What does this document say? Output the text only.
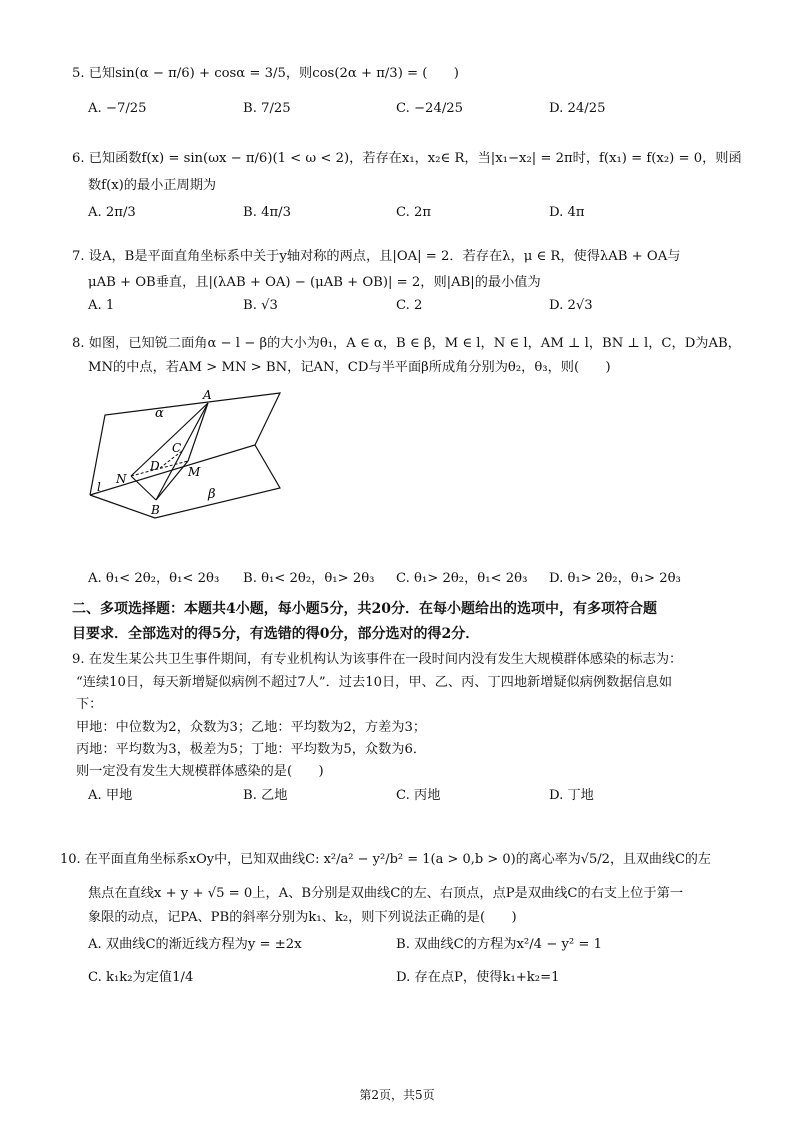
5. 已知sin(α − π/6) + cosα = 3/5，则cos(2α + π/3) = (　　)
A. −7/25	B. 7/25	C. −24/25	D. 24/25
6. 已知函数f(x) = sin(ωx − π/6)(1 < ω < 2)，若存在x₁，x₂∈ R，当|x₁−x₂| = 2π时，f(x₁) = f(x₂) = 0，则函
数f(x)的最小正周期为
A. 2π/3	B. 4π/3	C. 2π	D. 4π
7. 设A，B是平面直角坐标系中关于y轴对称的两点，且|OA| = 2．若存在λ，μ ∈ R，使得λAB + OA与
μAB + OB垂直，且|(λAB + OA) − (μAB + OB)| = 2，则|AB|的最小值为
A. 1	B. √3	C. 2	D. 2√3
8. 如图，已知锐二面角α − l − β的大小为θ₁，A ∈ α，B ∈ β，M ∈ l，N ∈ l，AM ⊥ l，BN ⊥ l，C，D为AB，
MN的中点，若AM > MN > BN，记AN，CD与半平面β所成角分别为θ₂，θ₃，则(　　)
α
β
A
B
C
D M
N
l
A. θ₁< 2θ₂，θ₁< 2θ₃ B. θ₁< 2θ₂，θ₁> 2θ₃ C. θ₁> 2θ₂，θ₁< 2θ₃ D. θ₁> 2θ₂，θ₁> 2θ₃
二、多项选择题：本题共4小题，每小题5分，共20分．在每小题给出的选项中，有多项符合题
目要求．全部选对的得5分，有选错的得0分，部分选对的得2分．
9. 在发生某公共卫生事件期间，有专业机构认为该事件在一段时间内没有发生大规模群体感染的标志为：
“连续10日，每天新增疑似病例不超过7人”．过去10日，甲、乙、丙、丁四地新增疑似病例数据信息如
下：
甲地：中位数为2，众数为3；乙地：平均数为2，方差为3；
丙地：平均数为3，极差为5；丁地：平均数为5，众数为6．
则一定没有发生大规模群体感染的是(　　)
A. 甲地	B. 乙地	C. 丙地	D. 丁地
10. 在平面直角坐标系xOy中，已知双曲线C: x²/a² − y²/b² = 1(a > 0,b > 0)的离心率为√5/2，且双曲线C的左
焦点在直线x + y + √5 = 0上，A、B分别是双曲线C的左、右顶点，点P是双曲线C的右支上位于第一
象限的动点，记PA、PB的斜率分别为k₁、k₂，则下列说法正确的是(　　)
A. 双曲线C的渐近线方程为y = ±2x	B. 双曲线C的方程为x²/4 − y² = 1
C. k₁k₂为定值1/4	D. 存在点P，使得k₁+k₂=1
第2页，共5页
